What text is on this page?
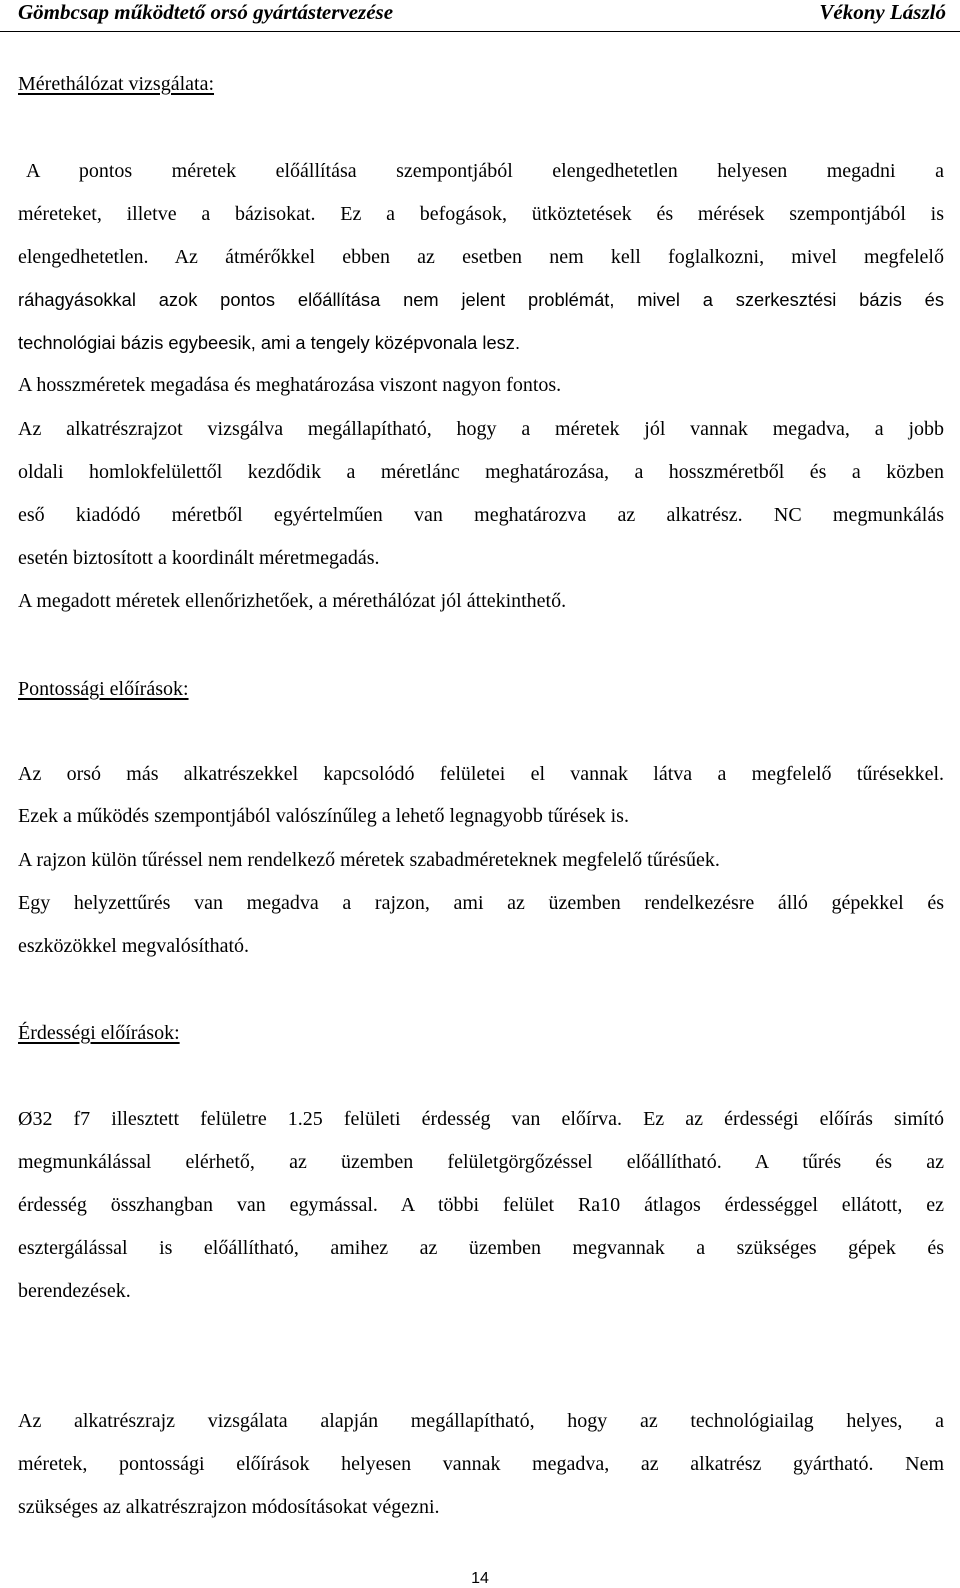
Gömbcsap működtető orsó gyártástervezése	Vékony László
Mérethálózat vizsgálata:
A pontos méretek előállítása szempontjából elengedhetetlen helyesen megadni a
méreteket, illetve a bázisokat. Ez a befogások, ütköztetések és mérések szempontjából is
elengedhetetlen. Az átmérőkkel ebben az esetben nem kell foglalkozni, mivel megfelelő
ráhagyásokkal azok pontos előállítása nem jelent problémát, mivel a szerkesztési bázis és
technológiai bázis egybeesik, ami a tengely középvonala lesz.
A hosszméretek megadása és meghatározása viszont nagyon fontos.
Az alkatrészrajzot vizsgálva megállapítható, hogy a méretek jól vannak megadva, a jobb
oldali homlokfelülettől kezdődik a méretlánc meghatározása, a hosszméretből és a közben
eső kiadódó méretből egyértelműen van meghatározva az alkatrész. NC megmunkálás
esetén biztosított a koordinált méretmegadás.
A megadott méretek ellenőrizhetőek, a mérethálózat jól áttekinthető.
Pontossági előírások:
Az orsó más alkatrészekkel kapcsolódó felületei el vannak látva a megfelelő tűrésekkel.
Ezek a működés szempontjából valószínűleg a lehető legnagyobb tűrések is.
A rajzon külön tűréssel nem rendelkező méretek szabadméreteknek megfelelő tűrésűek.
Egy helyzettűrés van megadva a rajzon, ami az üzemben rendelkezésre álló gépekkel és
eszközökkel megvalósítható.
Érdességi előírások:
Ø32 f7 illesztett felületre 1.25 felületi érdesség van előírva. Ez az érdességi előírás simító
megmunkálással elérhető, az üzemben felületgörgőzéssel előállítható. A tűrés és az
érdesség összhangban van egymással. A többi felület Ra10 átlagos érdességgel ellátott, ez
esztergálással is előállítható, amihez az üzemben megvannak a szükséges gépek és
berendezések.
Az alkatrészrajz vizsgálata alapján megállapítható, hogy az technológiailag helyes, a
méretek, pontossági előírások helyesen vannak megadva, az alkatrész gyártható. Nem
szükséges az alkatrészrajzon módosításokat végezni.
14
